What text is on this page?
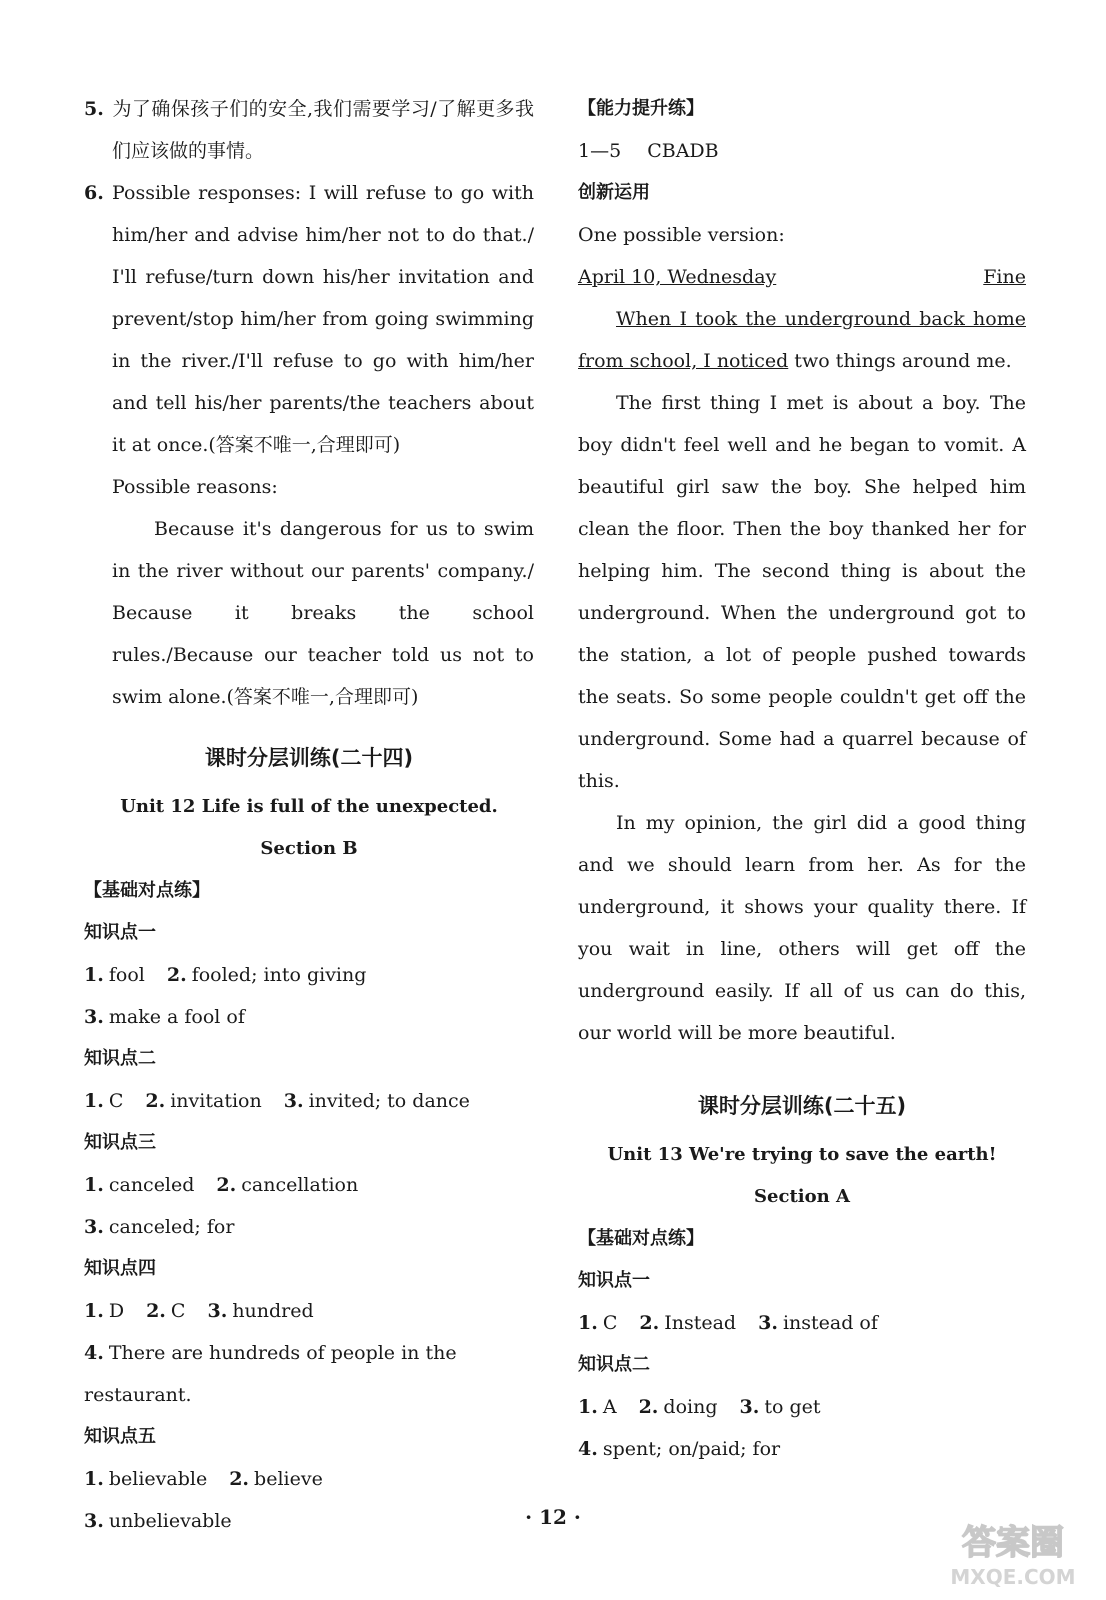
5. 为了确保孩子们的安全,我们需要学习/了解更多我们应该做的事情。

6. Possible responses: I will refuse to go with him/her and advise him/her not to do that./ I'll refuse/turn down his/her invitation and prevent/stop him/her from going swimming in the river./I'll refuse to go with him/her and tell his/her parents/the teachers about it at once.(答案不唯一,合理即可)

Possible reasons:

Because it's dangerous for us to swim in the river without our parents' company./ Because it breaks the school rules./Because our teacher told us not to swim alone.(答案不唯一,合理即可)

课时分层训练(二十四)
Unit 12 Life is full of the unexpected.
Section B
【基础对点练】
知识点一
1. fool 2. fooled; into giving
3. make a fool of
知识点二
1. C 2. invitation 3. invited; to dance
知识点三
1. canceled 2. cancellation
3. canceled; for
知识点四
1. D 2. C 3. hundred
4. There are hundreds of people in the restaurant.
知识点五
1. believable 2. believe
3. unbelievable
【能力提升练】
1—5 CBADB
创新运用
One possible version:
April 10, Wednesday	Fine

When I took the underground back home from school, I noticed two things around me.

The first thing I met is about a boy. The boy didn't feel well and he began to vomit. A beautiful girl saw the boy. She helped him clean the floor. Then the boy thanked her for helping him. The second thing is about the underground. When the underground got to the station, a lot of people pushed towards the seats. So some people couldn't get off the underground. Some had a quarrel because of this.

In my opinion, the girl did a good thing and we should learn from her. As for the underground, it shows your quality there. If you wait in line, others will get off the underground easily. If all of us can do this, our world will be more beautiful.

课时分层训练(二十五)
Unit 13 We're trying to save the earth!
Section A
【基础对点练】
知识点一
1. C 2. Instead 3. instead of
知识点二
1. A 2. doing 3. to get
4. spent; on/paid; for
· 12 ·
答案圈
MXQE.COM
